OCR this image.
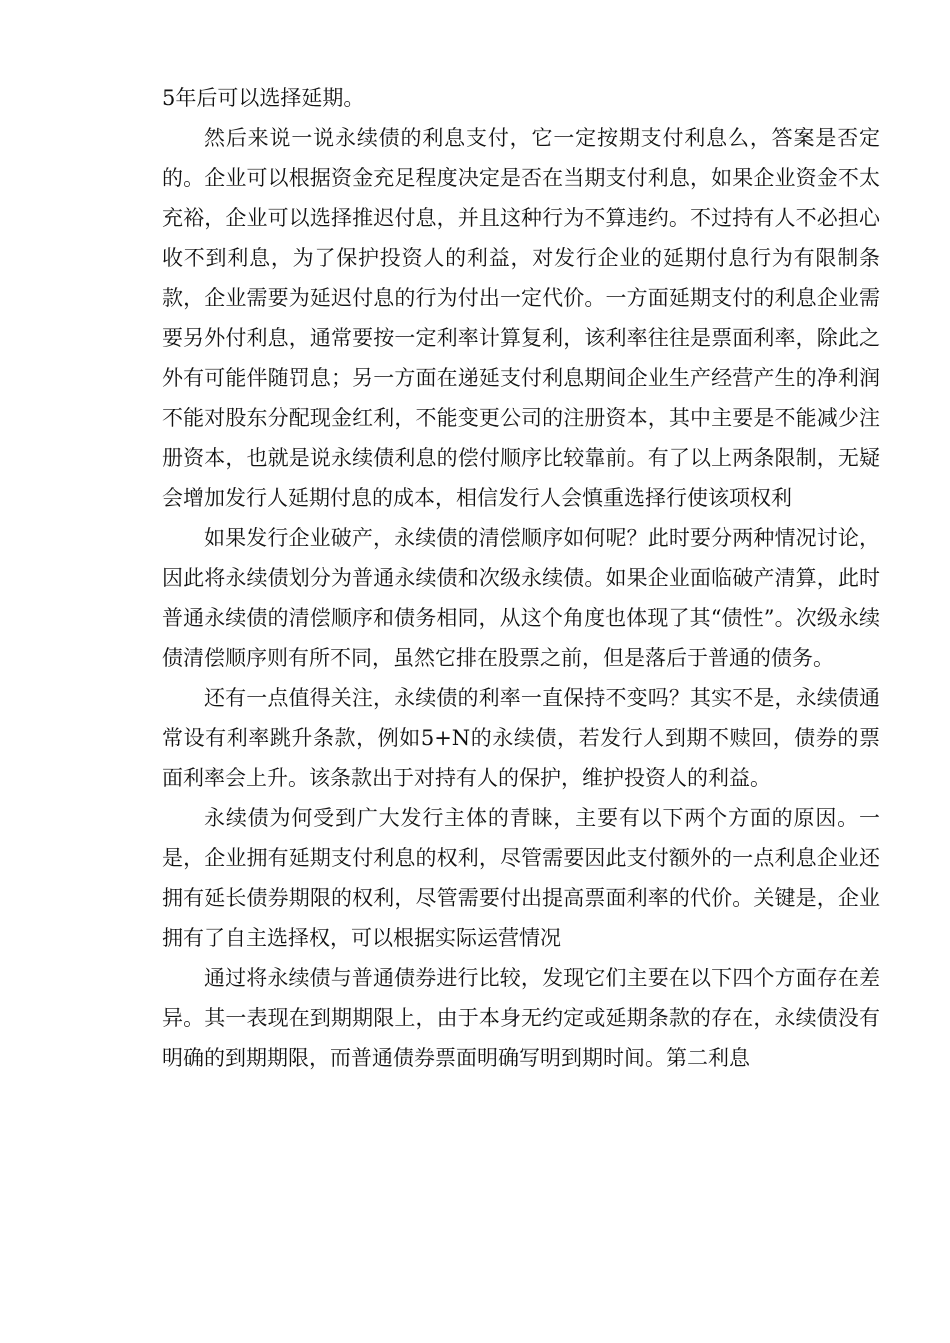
5年后可以选择延期。

然后来说一说永续债的利息支付，它一定按期支付利息么，答案是否定的。企业可以根据资金充足程度决定是否在当期支付利息，如果企业资金不太充裕，企业可以选择推迟付息，并且这种行为不算违约。不过持有人不必担心收不到利息，为了保护投资人的利益，对发行企业的延期付息行为有限制条款，企业需要为延迟付息的行为付出一定代价。一方面延期支付的利息企业需要另外付利息，通常要按一定利率计算复利，该利率往往是票面利率，除此之外有可能伴随罚息；另一方面在递延支付利息期间企业生产经营产生的净利润不能对股东分配现金红利，不能变更公司的注册资本，其中主要是不能减少注册资本，也就是说永续债利息的偿付顺序比较靠前。有了以上两条限制，无疑会增加发行人延期付息的成本，相信发行人会慎重选择行使该项权利

如果发行企业破产，永续债的清偿顺序如何呢？此时要分两种情况讨论，因此将永续债划分为普通永续债和次级永续债。如果企业面临破产清算，此时普通永续债的清偿顺序和债务相同，从这个角度也体现了其“债性”。次级永续债清偿顺序则有所不同，虽然它排在股票之前，但是落后于普通的债务。

还有一点值得关注，永续债的利率一直保持不变吗？其实不是，永续债通常设有利率跳升条款，例如5+N的永续债，若发行人到期不赎回，债券的票面利率会上升。该条款出于对持有人的保护，维护投资人的利益。

永续债为何受到广大发行主体的青睐，主要有以下两个方面的原因。一是，企业拥有延期支付利息的权利，尽管需要因此支付额外的一点利息企业还拥有延长债券期限的权利，尽管需要付出提高票面利率的代价。关键是，企业拥有了自主选择权，可以根据实际运营情况

通过将永续债与普通债券进行比较，发现它们主要在以下四个方面存在差异。其一表现在到期期限上，由于本身无约定或延期条款的存在，永续债没有明确的到期期限，而普通债券票面明确写明到期时间。第二利息
